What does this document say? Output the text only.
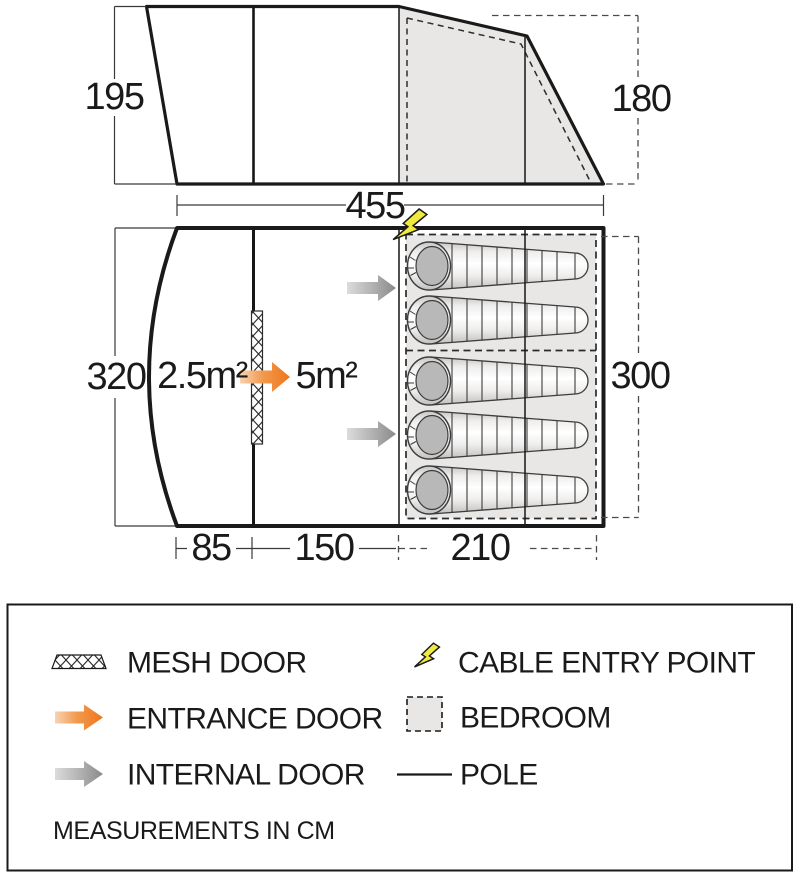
195	180
455
2.5m² 5m²
320	300
85 150	210
MESH DOOR
ENTRANCE DOOR
INTERNAL DOOR
CABLE ENTRY POINT
BEDROOM
POLE
MEASUREMENTS IN CM
